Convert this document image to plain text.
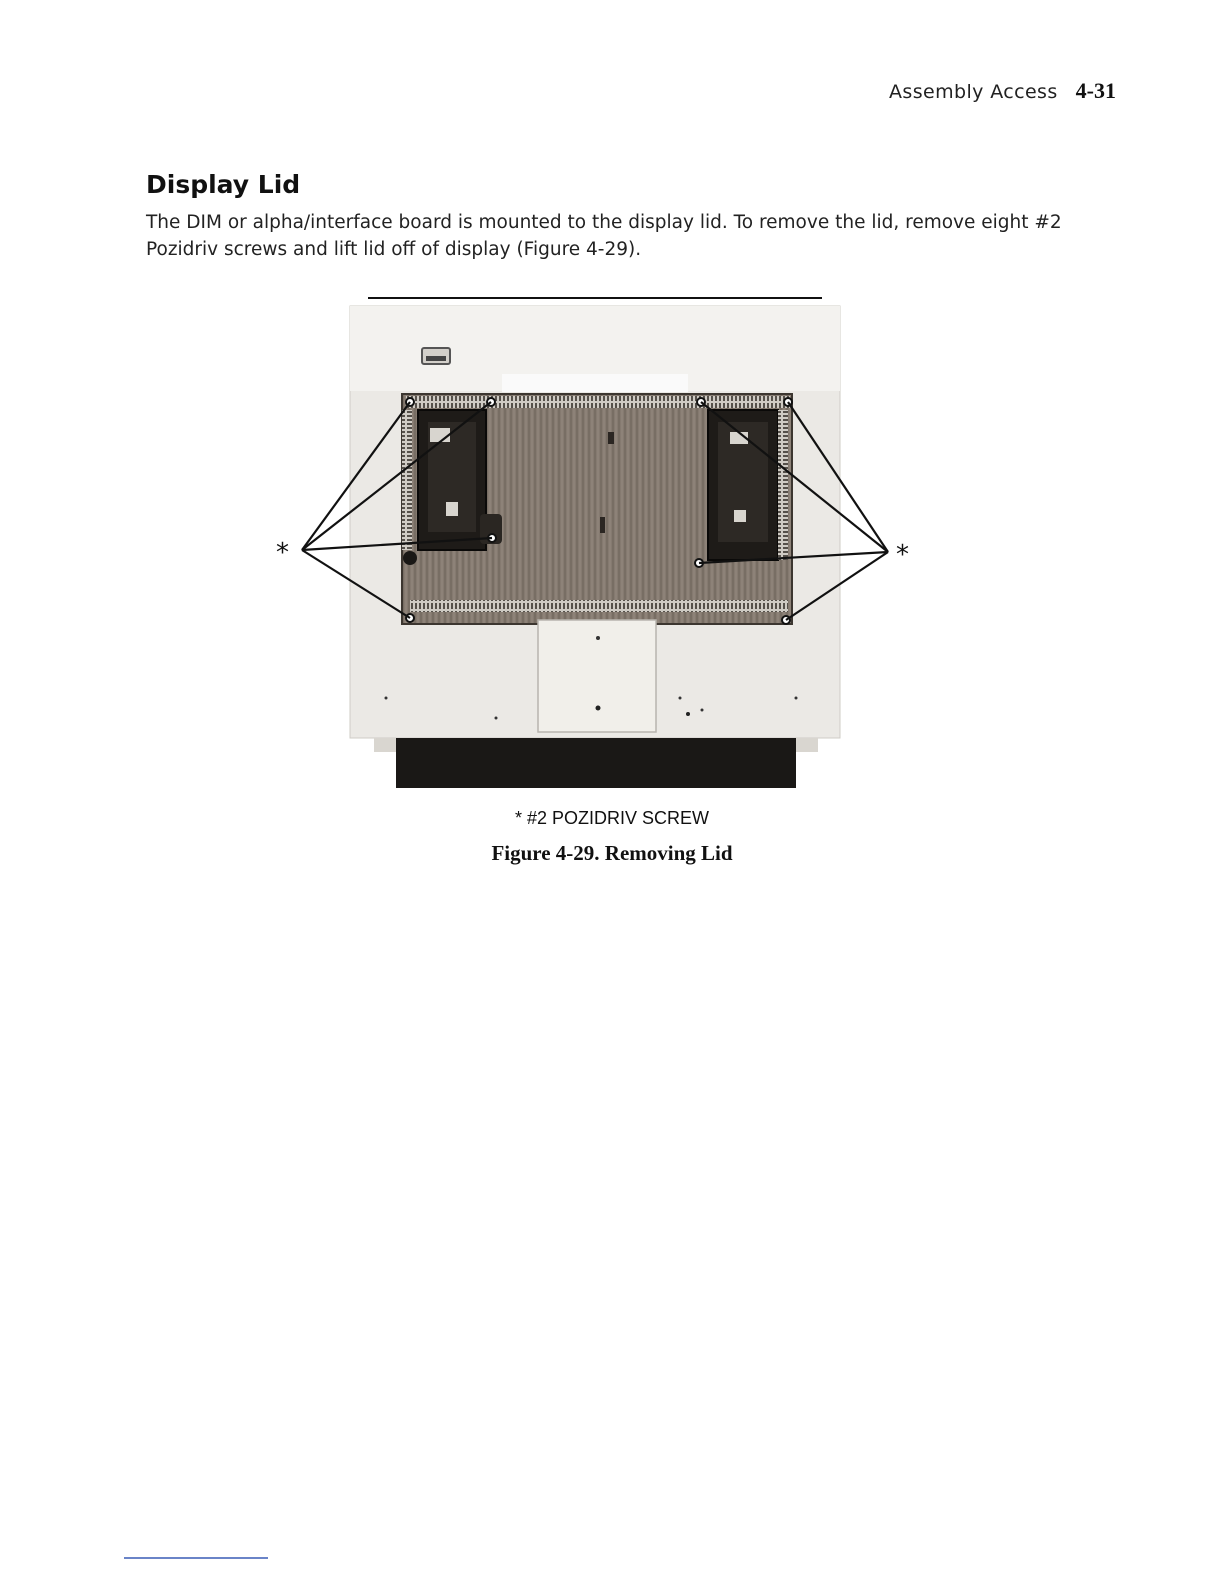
Assembly Access 4-31
Display Lid

The DIM or alpha/interface board is mounted to the display lid. To remove the lid, remove eight #2 Pozidriv screws and lift lid off of display (Figure 4-29).

*	*
* #2 POZIDRIV SCREW
Figure 4-29. Removing Lid
